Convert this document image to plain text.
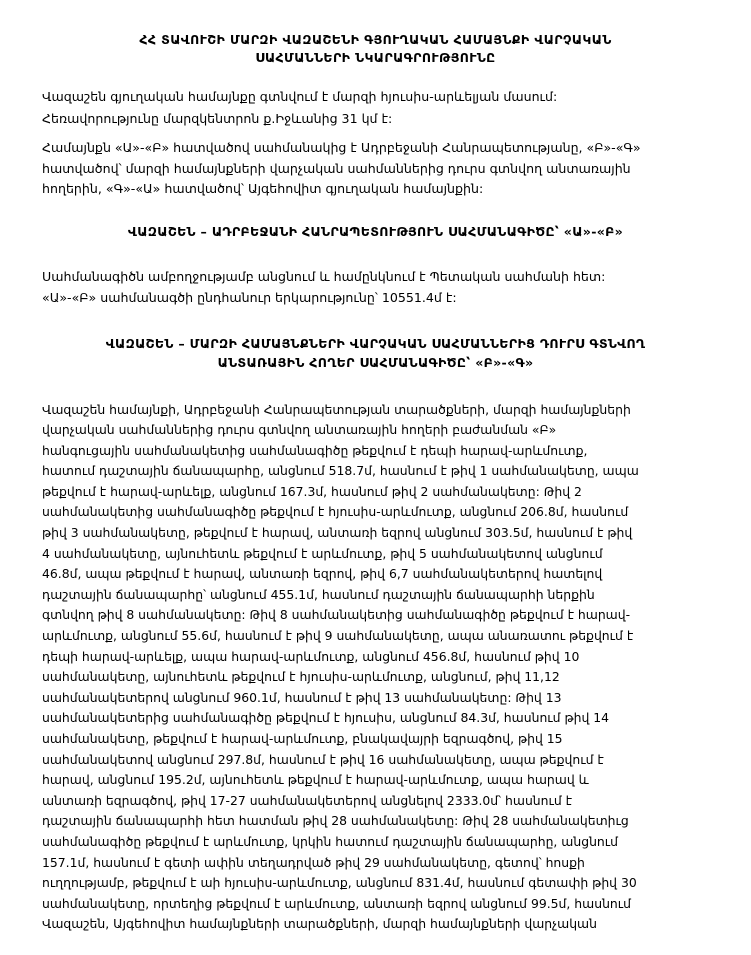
ՀՀ ՏԱՎՈՒՇԻ ՄԱՐԶԻ ՎԱԶԱՇԵՆԻ ԳՅՈՒՂԱԿԱՆ ՀԱՄԱՅՆՔԻ ՎԱՐՉԱԿԱՆ
ՍԱՀՄԱՆՆԵՐԻ ՆԿԱՐԱԳՐՈՒԹՅՈՒՆԸ
Վազաշեն գյուղական համայնքը գտնվում է մարզի հյուսիս-արևելյան մասում:
Հեռավորությունը մարզկենտրոն ք.Իջևանից 31 կմ է:
Համայնքն «Ա»-«Բ» հատվածով սահմանակից է Ադրբեջանի Հանրապետությանը, «Բ»-«Գ»
հատվածով՝ մարզի համայնքների վարչական սահմաններից դուրս գտնվող անտառային
հողերին, «Գ»-«Ա» հատվածով՝ Այգեհովիտ գյուղական համայնքին:
ՎԱԶԱՇԵՆ – ԱԴՐԲԵՋԱՆԻ ՀԱՆՐԱՊԵՏՈՒԹՅՈՒՆ ՍԱՀՄԱՆԱԳԻԾԸ՝ «Ա»-«Բ»
Սահմանագիծն ամբողջությամբ անցնում և համընկնում է Պետական սահմանի հետ:
«Ա»-«Բ» սահմանագծի ընդհանուր երկարությունը՝ 10551.4մ է:
ՎԱԶԱՇԵՆ – ՄԱՐԶԻ ՀԱՄԱՅՆՔՆԵՐԻ ՎԱՐՉԱԿԱՆ ՍԱՀՄԱՆՆԵՐԻՑ ԴՈՒՐՍ ԳՏՆՎՈՂ
ԱՆՏԱՌԱՅԻՆ ՀՈՂԵՐ ՍԱՀՄԱՆԱԳԻԾԸ՝ «Բ»-«Գ»
Վազաշեն համայնքի, Ադրբեջանի Հանրապետության տարածքների, մարզի համայնքների
վարչական սահմաններից դուրս գտնվող անտառային հողերի բաժանման «Բ»
հանգուցային սահմանակետից սահմանագիծը թեքվում է դեպի հարավ-արևմուտք,
հատում դաշտային ճանապարհը, անցնում 518.7մ, հասնում է թիվ 1 սահմանակետը, ապա
թեքվում է հարավ-արևելք, անցնում 167.3մ, հասնում թիվ 2 սահմանակետը: Թիվ 2
սահմանակետից սահմանագիծը թեքվում է հյուսիս-արևմուտք, անցնում 206.8մ, հասնում
թիվ 3 սահմանակետը, թեքվում է հարավ, անտառի եզրով անցնում 303.5մ, հասնում է թիվ
4 սահմանակետը, այնուհետև թեքվում է արևմուտք, թիվ 5 սահմանակետով անցնում
46.8մ, ապա թեքվում է հարավ, անտառի եզրով, թիվ 6,7 սահմանակետերով հատելով
դաշտային ճանապարհը՝ անցնում 455.1մ, հասնում դաշտային ճանապարհի ներքին
գտնվող թիվ 8 սահմանակետը: Թիվ 8 սահմանակետից սահմանագիծը թեքվում է հարավ-
արևմուտք, անցնում 55.6մ, հասնում է թիվ 9 սահմանակետը, ապա անառատու թեքվում է
դեպի հարավ-արևելք, ապա հարավ-արևմուտք, անցնում 456.8մ, հասնում թիվ 10
սահմանակետը, այնուհետև թեքվում է հյուսիս-արևմուտք, անցնում, թիվ 11,12
սահմանակետերով անցնում 960.1մ, հասնում է թիվ 13 սահմանակետը: Թիվ 13
սահմանակետերից սահմանագիծը թեքվում է հյուսիս, անցնում 84.3մ, հասնում թիվ 14
սահմանակետը, թեքվում է հարավ-արևմուտք, բնակավայրի եզրագծով, թիվ 15
սահմանակետով անցնում 297.8մ, հասնում է թիվ 16 սահմանակետը, ապա թեքվում է
հարավ, անցնում 195.2մ, այնուհետև թեքվում է հարավ-արևմուտք, ապա հարավ և
անտառի եզրագծով, թիվ 17-27 սահմանակետերով անցնելով 2333.0մ՝ հասնում է
դաշտային ճանապարհի հետ հատման թիվ 28 սահմանակետը: Թիվ 28 սահմանակետիւց
սահմանագիծը թեքվում է արևմուտք, կրկին հատում դաշտային ճանապարհը, անցնում
157.1մ, հասնում է գետի ափին տեղադրված թիվ 29 սահմանակետը, գետով՝ հոսքի
ուղղությամբ, թեքվում է աի հյուսիս-արևմուտք, անցնում 831.4մ, հասնում գետափի թիվ 30
սահմանակետը, որտեղից թեքվում է արևմուտք, անտառի եզրով անցնում 99.5մ, հասնում
Վազաշեն, Այգեհովիտ համայնքների տարածքների, մարզի համայնքների վարչական
